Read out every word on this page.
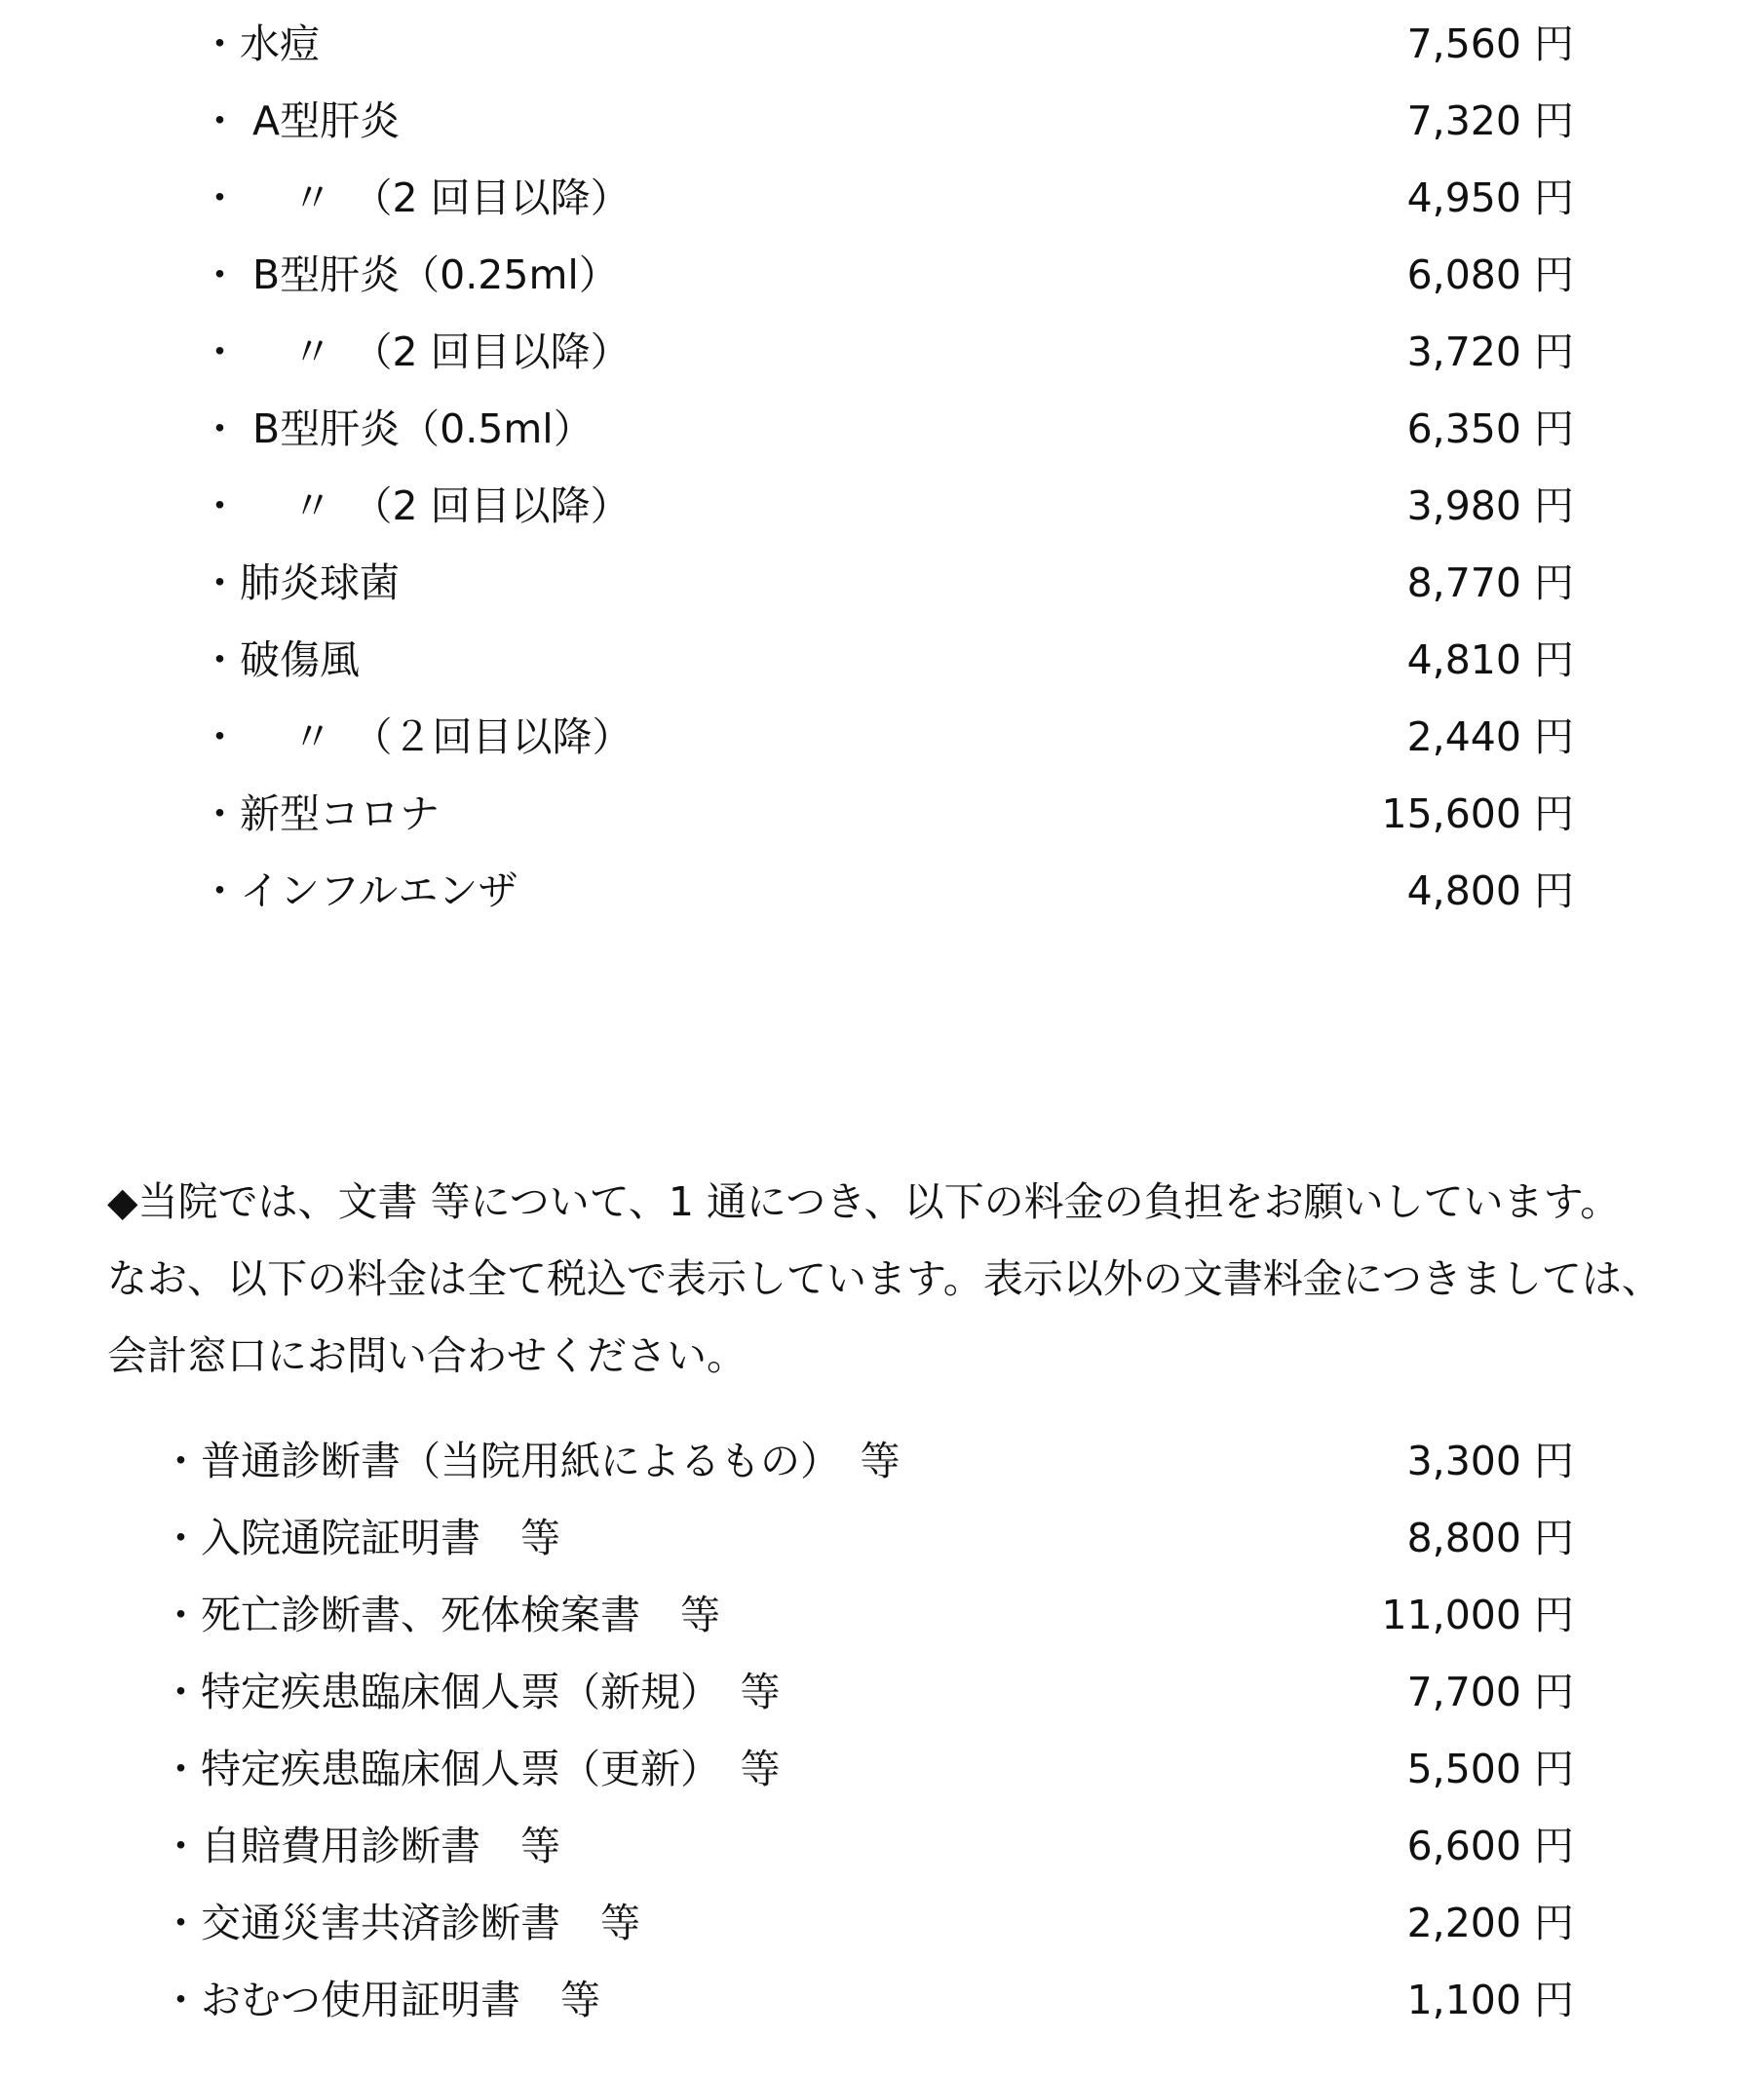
・水痘	7,560 円
・ A型肝炎	7,320 円
・　 〃　（2 回目以降）	4,950 円
・ B型肝炎（0.25ml）	6,080 円
・　 〃　（2 回目以降）	3,720 円
・ B型肝炎（0.5ml）	6,350 円
・　 〃　（2 回目以降）	3,980 円
・肺炎球菌	8,770 円
・破傷風	4,810 円
・　 〃　（２回目以降）	2,440 円
・新型コロナ	15,600 円
・インフルエンザ	4,800 円
◆当院では、文書 等について、1 通につき、以下の料金の負担をお願いしています。
なお、以下の料金は全て税込で表示しています。表示以外の文書料金につきましては、
会計窓口にお問い合わせください。
・普通診断書（当院用紙によるもの）　等	3,300 円
・入院通院証明書　等	8,800 円
・死亡診断書、死体検案書　等	11,000 円
・特定疾患臨床個人票（新規）　等	7,700 円
・特定疾患臨床個人票（更新）　等	5,500 円
・自賠費用診断書　等	6,600 円
・交通災害共済診断書　等	2,200 円
・おむつ使用証明書　等	1,100 円
